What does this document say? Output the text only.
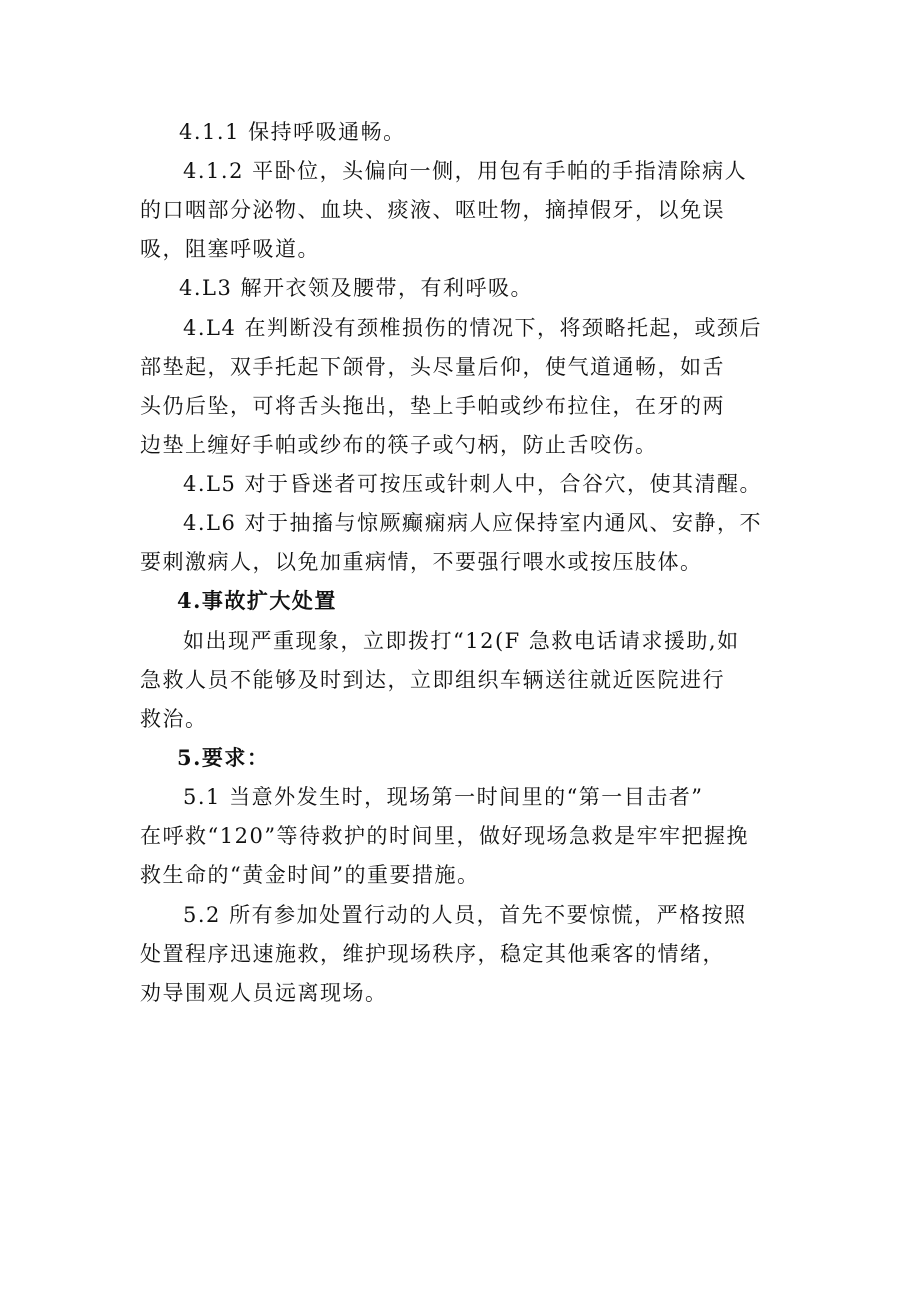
4.1.1 保持呼吸通畅。
4.1.2 平卧位，头偏向一侧，用包有手帕的手指清除病人
的口咽部分泌物、血块、痰液、呕吐物，摘掉假牙，以免误
吸，阻塞呼吸道。
4.L3 解开衣领及腰带，有利呼吸。
4.L4 在判断没有颈椎损伤的情况下，将颈略托起，或颈后
部垫起，双手托起下颌骨，头尽量后仰，使气道通畅，如舌
头仍后坠，可将舌头拖出，垫上手帕或纱布拉住，在牙的两
边垫上缠好手帕或纱布的筷子或勺柄，防止舌咬伤。
4.L5 对于昏迷者可按压或针刺人中，合谷穴，使其清醒。
4.L6 对于抽搐与惊厥癫痫病人应保持室内通风、安静，不
要刺激病人，以免加重病情，不要强行喂水或按压肢体。
4.事故扩大处置
如出现严重现象，立即拨打“12(F 急救电话请求援助,如
急救人员不能够及时到达，立即组织车辆送往就近医院进行
救治。
5.要求：
5.1 当意外发生时，现场第一时间里的“第一目击者”
在呼救“120”等待救护的时间里，做好现场急救是牢牢把握挽
救生命的“黄金时间”的重要措施。
5.2 所有参加处置行动的人员，首先不要惊慌，严格按照
处置程序迅速施救，维护现场秩序，稳定其他乘客的情绪，
劝导围观人员远离现场。
